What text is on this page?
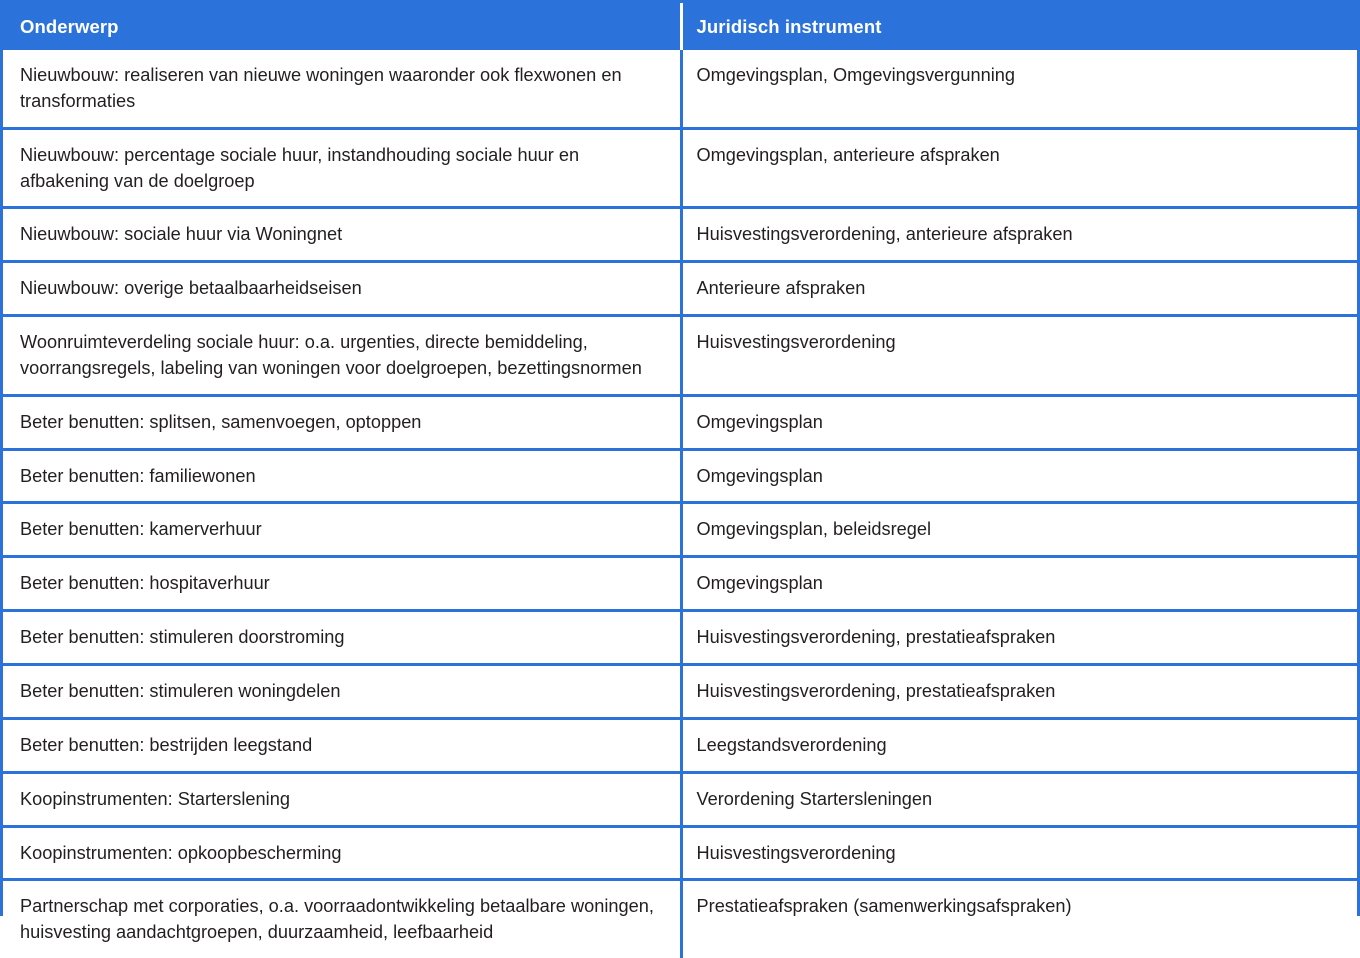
Onderwerp	Juridisch instrument
Nieuwbouw: realiseren van nieuwe woningen waaronder ook flexwonen en transformaties	Omgevingsplan, Omgevingsvergunning
Nieuwbouw: percentage sociale huur, instandhouding sociale huur en afbakening van de doelgroep	Omgevingsplan, anterieure afspraken
Nieuwbouw: sociale huur via Woningnet	Huisvestingsverordening, anterieure afspraken
Nieuwbouw: overige betaalbaarheidseisen	Anterieure afspraken
Woonruimteverdeling sociale huur: o.a. urgenties, directe bemiddeling, voorrangsregels, labeling van woningen voor doelgroepen, bezettingsnormen	Huisvestingsverordening
Beter benutten: splitsen, samenvoegen, optoppen	Omgevingsplan
Beter benutten: familiewonen	Omgevingsplan
Beter benutten: kamerverhuur	Omgevingsplan, beleidsregel
Beter benutten: hospitaverhuur	Omgevingsplan
Beter benutten: stimuleren doorstroming	Huisvestingsverordening, prestatieafspraken
Beter benutten: stimuleren woningdelen	Huisvestingsverordening, prestatieafspraken
Beter benutten: bestrijden leegstand	Leegstandsverordening
Koopinstrumenten: Starterslening	Verordening Startersleningen
Koopinstrumenten: opkoopbescherming	Huisvestingsverordening
Partnerschap met corporaties, o.a. voorraadontwikkeling betaalbare woningen, huisvesting aandachtgroepen, duurzaamheid, leefbaarheid	Prestatieafspraken (samenwerkingsafspraken)
